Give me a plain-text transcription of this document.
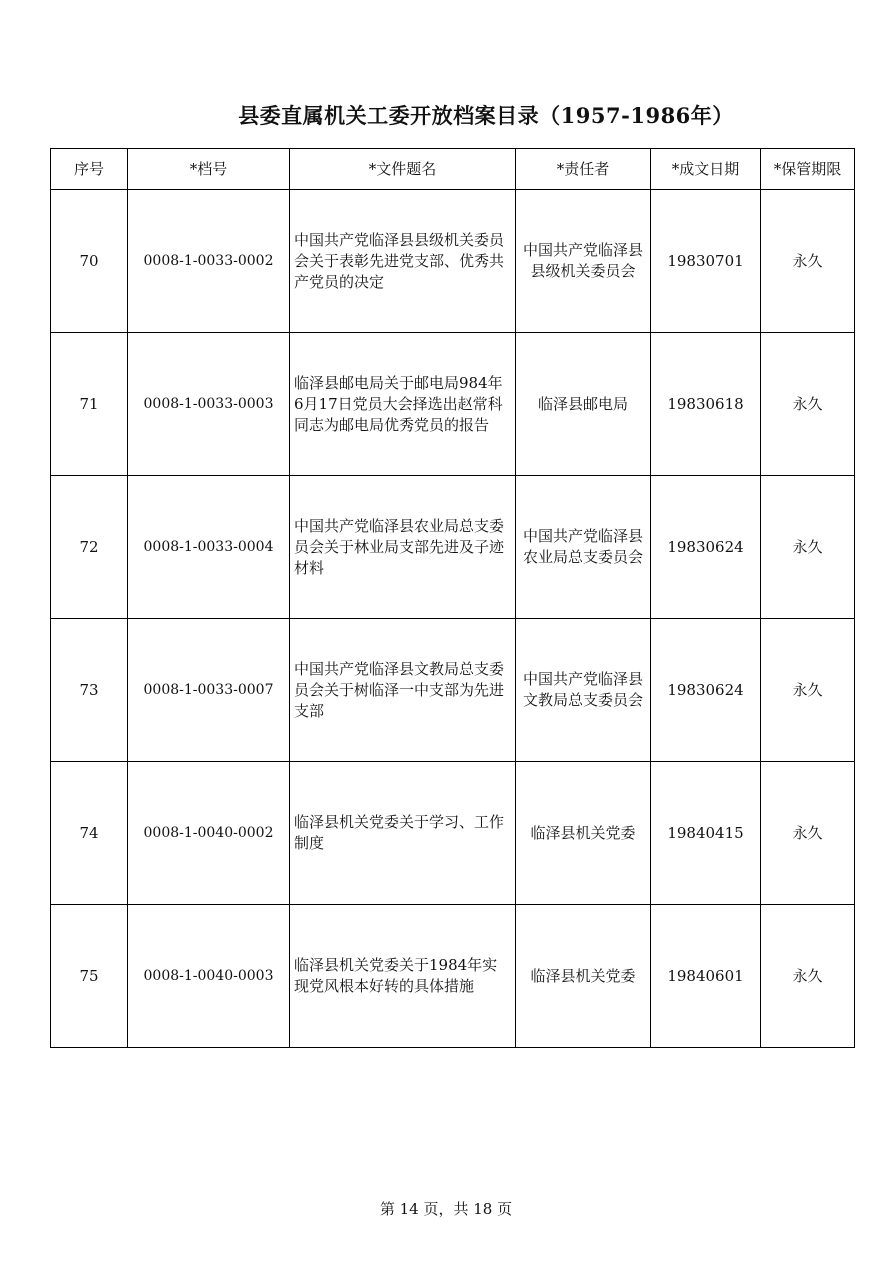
县委直属机关工委开放档案目录（1957-1986年）
序号	*档号	*文件题名	*责任者	*成文日期	*保管期限
70	0008-1-0033-0002	中国共产党临泽县县级机关委员会关于表彰先进党支部、优秀共产党员的决定	中国共产党临泽县县级机关委员会	19830701	永久
71	0008-1-0033-0003	临泽县邮电局关于邮电局984年6月17日党员大会择选出赵常科同志为邮电局优秀党员的报告	临泽县邮电局	19830618	永久
72	0008-1-0033-0004	中国共产党临泽县农业局总支委员会关于林业局支部先进及子迹材料	中国共产党临泽县农业局总支委员会	19830624	永久
73	0008-1-0033-0007	中国共产党临泽县文教局总支委员会关于树临泽一中支部为先进支部	中国共产党临泽县文教局总支委员会	19830624	永久
74	0008-1-0040-0002	临泽县机关党委关于学习、工作制度	临泽县机关党委	19840415	永久
75	0008-1-0040-0003	临泽县机关党委关于1984年实现党风根本好转的具体措施	临泽县机关党委	19840601	永久
第 14 页，共 18 页
